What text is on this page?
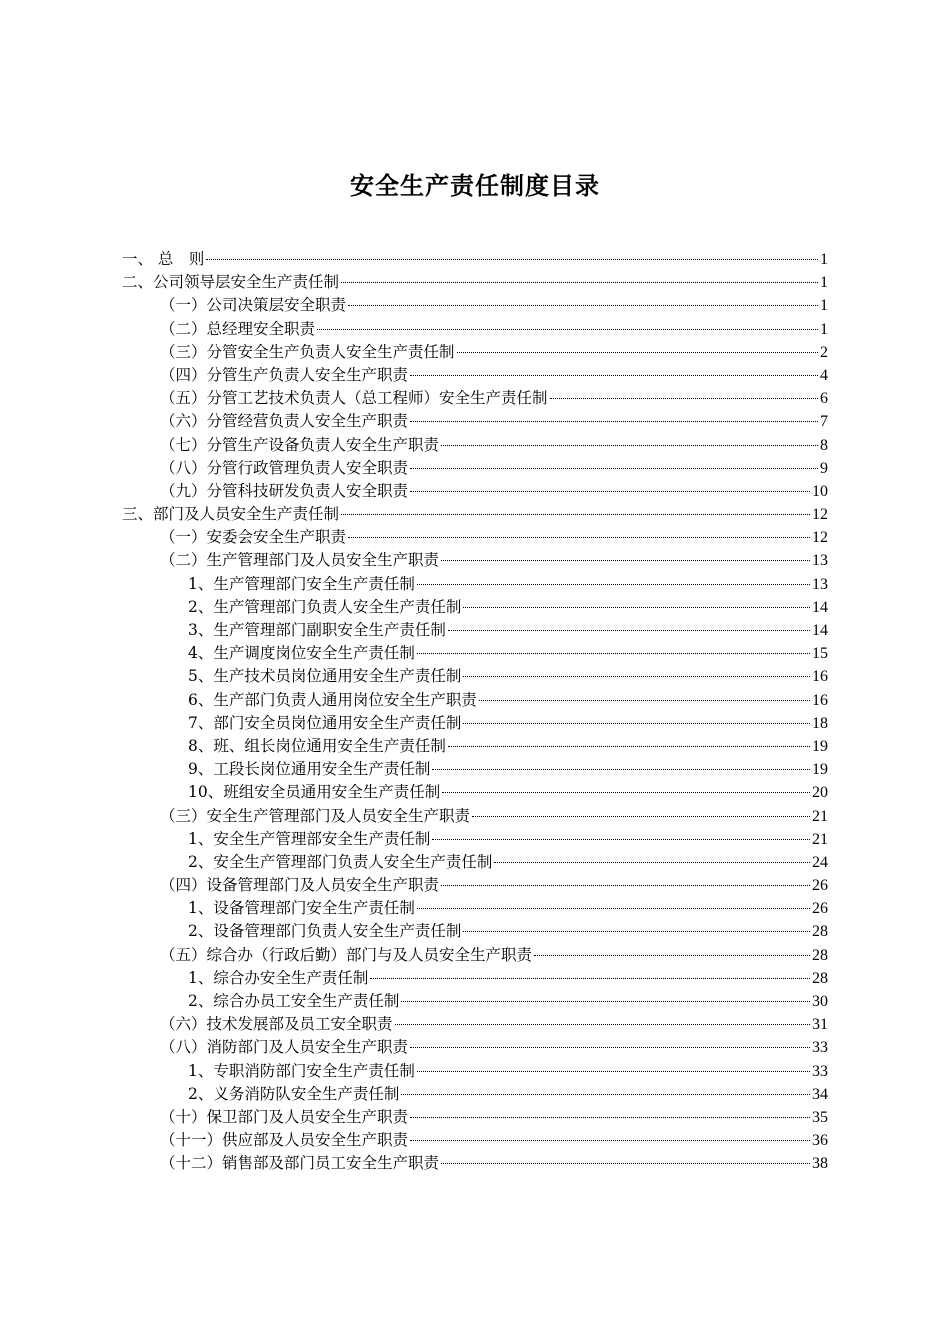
安全生产责任制度目录
一、 总　则	1
二、公司领导层安全生产责任制	1
（一）公司决策层安全职责	1
（二）总经理安全职责	1
（三）分管安全生产负责人安全生产责任制	2
（四）分管生产负责人安全生产职责	4
（五）分管工艺技术负责人（总工程师）安全生产责任制	6
（六）分管经营负责人安全生产职责	7
（七）分管生产设备负责人安全生产职责	8
（八）分管行政管理负责人安全职责	9
（九）分管科技研发负责人安全职责	10
三、部门及人员安全生产责任制	12
（一）安委会安全生产职责	12
（二）生产管理部门及人员安全生产职责	13
1、生产管理部门安全生产责任制	13
2、生产管理部门负责人安全生产责任制	14
3、生产管理部门副职安全生产责任制	14
4、生产调度岗位安全生产责任制	15
5、生产技术员岗位通用安全生产责任制	16
6、生产部门负责人通用岗位安全生产职责	16
7、部门安全员岗位通用安全生产责任制	18
8、班、组长岗位通用安全生产责任制	19
9、工段长岗位通用安全生产责任制	19
10、班组安全员通用安全生产责任制	20
（三）安全生产管理部门及人员安全生产职责	21
1、安全生产管理部安全生产责任制	21
2、安全生产管理部门负责人安全生产责任制	24
（四）设备管理部门及人员安全生产职责	26
1、设备管理部门安全生产责任制	26
2、设备管理部门负责人安全生产责任制	28
（五）综合办（行政后勤）部门与及人员安全生产职责	28
1、综合办安全生产责任制	28
2、综合办员工安全生产责任制	30
（六）技术发展部及员工安全职责	31
（八）消防部门及人员安全生产职责	33
1、专职消防部门安全生产责任制	33
2、义务消防队安全生产责任制	34
（十）保卫部门及人员安全生产职责	35
（十一）供应部及人员安全生产职责	36
（十二）销售部及部门员工安全生产职责	38
